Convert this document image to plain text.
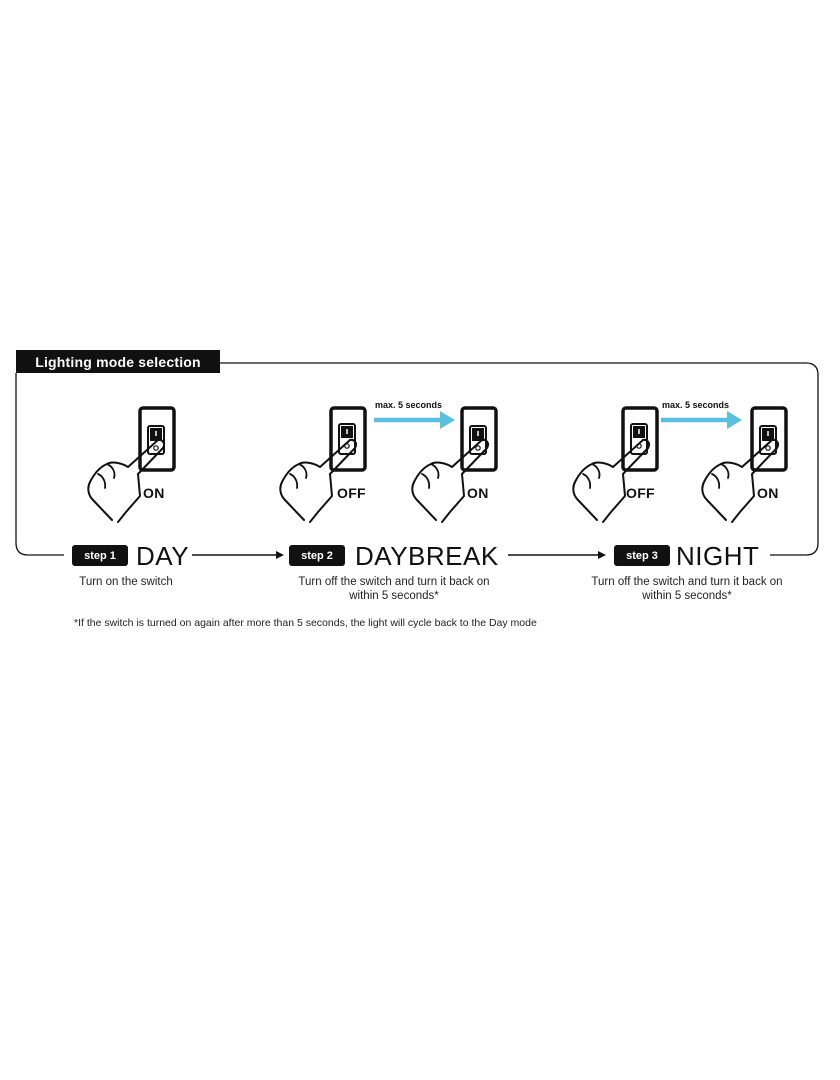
Lighting mode selection
max. 5 seconds	max. 5 seconds
ON	OFF	ON	OFF	ON
step 1 DAY	step 2 DAYBREAK	step 3 NIGHT
Turn on the switch	Turn off the switch and turn it back on
within 5 seconds*
Turn off the switch and turn it back on
within 5 seconds*
*If the switch is turned on again after more than 5 seconds, the light will cycle back to the Day mode
